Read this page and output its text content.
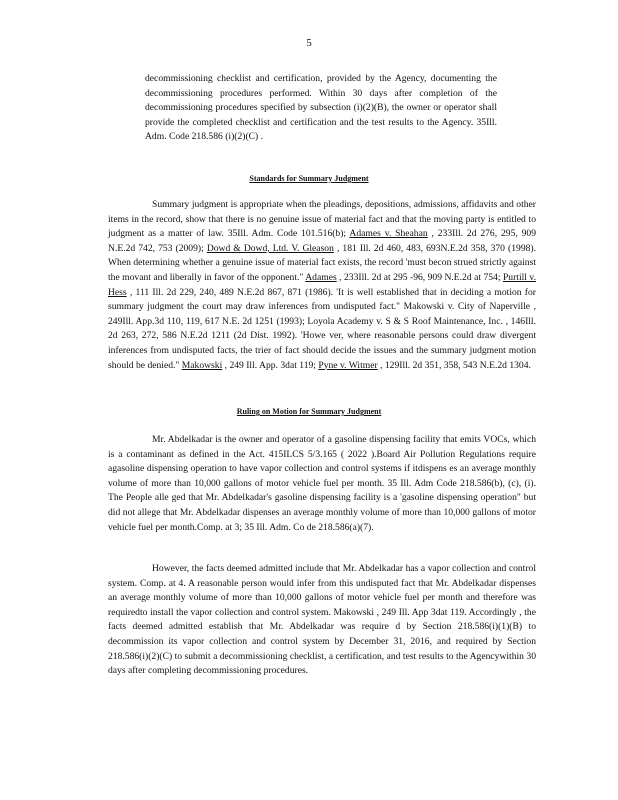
5
decommissioning checklist and certification, provided by the Agency, documenting the decommissioning procedures performed. Within 30 days after completion of the decommissioning procedures specified by subsection (i)(2)(B), the owner or operator shall provide the completed checklist and certification and the test results to the Agency. 35Ill. Adm. Code 218.586 (i)(2)(C) .
Standards for Summary Judgment

Summary judgment is appropriate when the pleadings, depositions, admissions, affidavits and other items in the record, show that there is no genuine issue of material fact and that the moving party is entitled to judgment as a matter of law. 35Ill. Adm. Code 101.516(b); Adames v. Sheahan , 233Ill. 2d 276, 295, 909 N.E.2d 742, 753 (2009); Dowd & Dowd, Ltd. V. Gleason , 181 Ill. 2d 460, 483, 693N.E.2d 358, 370 (1998). When determining whether a genuine issue of material fact exists, the record 'must becon strued strictly against the movant and liberally in favor of the opponent." Adames , 233Ill. 2d at 295 -96, 909 N.E.2d at 754; Purtill v. Hess , 111 Ill. 2d 229, 240, 489 N.E.2d 867, 871 (1986). 'It is well established that in deciding a motion for summary judgment the court may draw inferences from undisputed fact." Makowski v. City of Naperville , 249Ill. App.3d 110, 119, 617 N.E. 2d 1251 (1993); Loyola Academy v. S & S Roof Maintenance, Inc. , 146Ill. 2d 263, 272, 586 N.E.2d 1211 (2d Dist. 1992). 'Howe ver, where reasonable persons could draw divergent inferences from undisputed facts, the trier of fact should decide the issues and the summary judgment motion should be denied." Makowski , 249 Ill. App. 3dat 119; Pyne v. Witmer , 129Ill. 2d 351, 358, 543 N.E.2d 1304.

Ruling on Motion for Summary Judgment

Mr. Abdelkadar is the owner and operator of a gasoline dispensing facility that emits VOCs, which is a contaminant as defined in the Act. 415ILCS 5/3.165 ( 2022 ).Board Air Pollution Regulations require agasoline dispensing operation to have vapor collection and control systems if itdispens es an average monthly volume of more than 10,000 gallons of motor vehicle fuel per month. 35 Ill. Adm Code 218.586(b), (c), (i). The People alle ged that Mr. Abdelkadar's gasoline dispensing facility is a 'gasoline dispensing operation" but did not allege that Mr. Abdelkadar dispenses an average monthly volume of more than 10,000 gallons of motor vehicle fuel per month.Comp. at 3; 35 Ill. Adm. Co de 218.586(a)(7).

However, the facts deemed admitted include that Mr. Abdelkadar has a vapor collection and control system. Comp. at 4. A reasonable person would infer from this undisputed fact that Mr. Abdelkadar dispenses an average monthly volume of more than 10,000 gallons of motor vehicle fuel per month and therefore was requiredto install the vapor collection and control system. Makowski , 249 Ill. App 3dat 119. Accordingly , the facts deemed admitted establish that Mr. Abdelkadar was require d by Section 218.586(i)(1)(B) to decommission its vapor collection and control system by December 31, 2016, and required by Section 218.586(i)(2)(C) to submit a decommissioning checklist, a certification, and test results to the Agencywithin 30 days after completing decommissioning procedures.
